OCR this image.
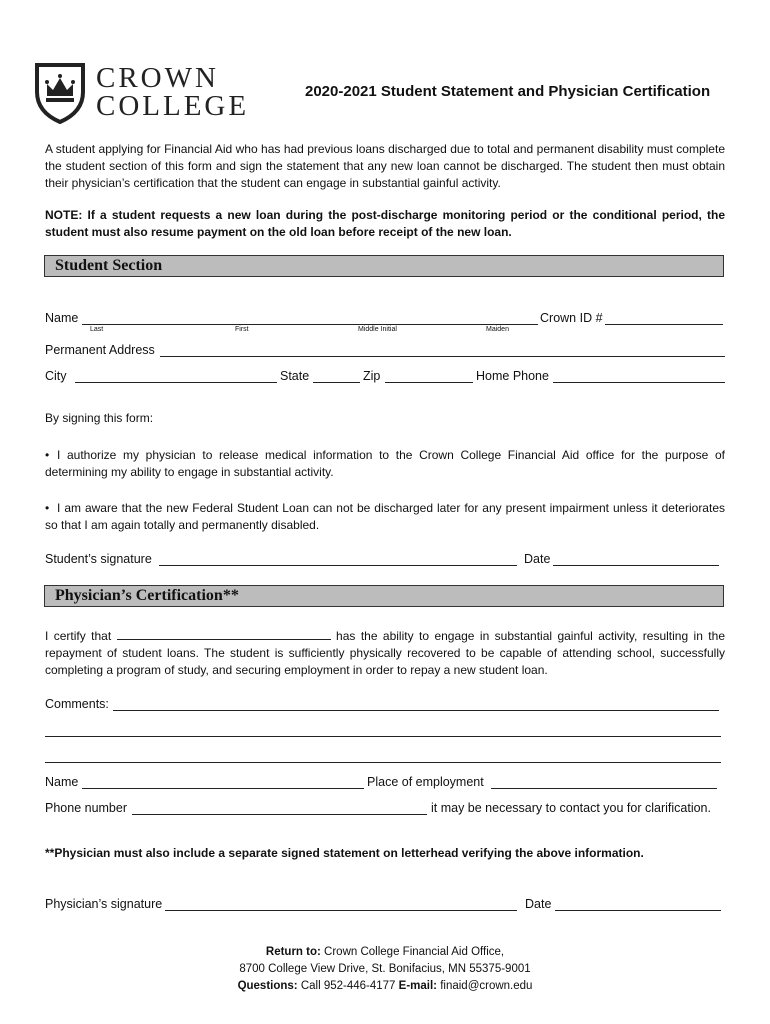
CROWN
COLLEGE	2020-2021 Student Statement and Physician Certification
A student applying for Financial Aid who has had previous loans discharged due to total and permanent disability must complete the student section of this form and sign the statement that any new loan cannot be discharged. The student then must obtain their physician’s certification that the student can engage in substantial gainful activity.
NOTE: If a student requests a new loan during the post-discharge monitoring period or the conditional period, the student must also resume payment on the old loan before receipt of the new loan.
Student Section
Name	Crown ID #
Last	First	Middle Initial	Maiden
Permanent Address
City	State	Zip	Home Phone
By signing this form:
• I authorize my physician to release medical information to the Crown College Financial Aid office for the purpose of determining my ability to engage in substantial activity.
• I am aware that the new Federal Student Loan can not be discharged later for any present impairment unless it deteriorates so that I am again totally and permanently disabled.
Student’s signature	Date
Physician’s Certification**
I certify that	has the ability to engage in substantial gainful activity, resulting in the repayment of student loans. The student is sufficiently physically recovered to be capable of attending school, successfully completing a program of study, and securing employment in order to repay a new student loan.
Comments:
Name	Place of employment
Phone number	it may be necessary to contact you for clarification.
**Physician must also include a separate signed statement on letterhead verifying the above information.
Physician’s signature	Date
Return to: Crown College Financial Aid Office,
8700 College View Drive, St. Bonifacius, MN 55375-9001
Questions: Call 952-446-4177 E-mail: finaid@crown.edu
